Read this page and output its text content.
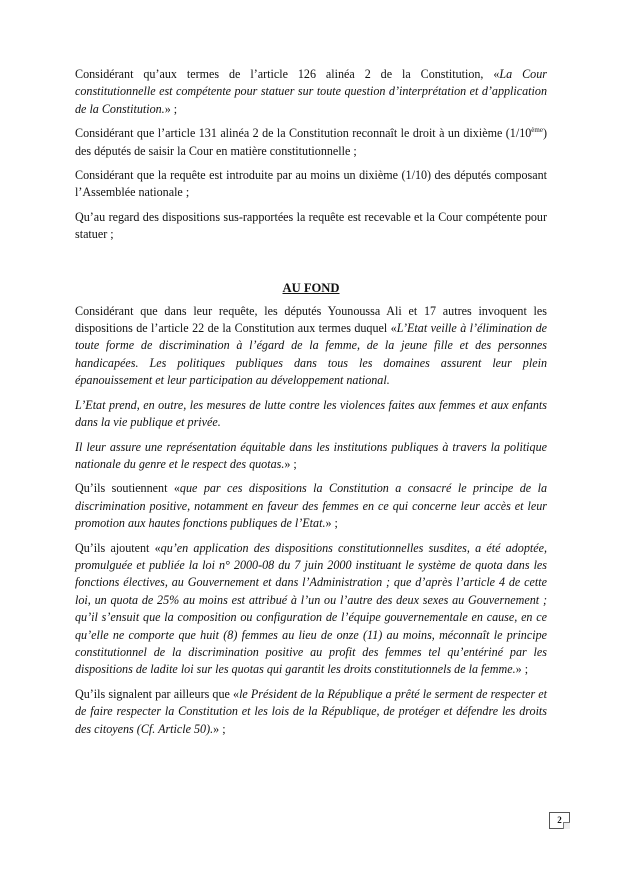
Considérant qu’aux termes de l’article 126 alinéa 2 de la Constitution, «La Cour constitutionnelle est compétente pour statuer sur toute question d’interprétation et d’application de la Constitution.» ;

Considérant que l’article 131 alinéa 2 de la Constitution reconnaît le droit à un dixième (1/10ème) des députés de saisir la Cour en matière constitutionnelle ;

Considérant que la requête est introduite par au moins un dixième (1/10) des députés composant l’Assemblée nationale ;

Qu’au regard des dispositions sus-rapportées la requête est recevable et la Cour compétente pour statuer ;

AU FOND

Considérant que dans leur requête, les députés Younoussa Ali et 17 autres invoquent les dispositions de l’article 22 de la Constitution aux termes duquel «L’Etat veille à l’élimination de toute forme de discrimination à l’égard de la femme, de la jeune fille et des personnes handicapées. Les politiques publiques dans tous les domaines assurent leur plein épanouissement et leur participation au développement national.

L’Etat prend, en outre, les mesures de lutte contre les violences faites aux femmes et aux enfants dans la vie publique et privée.

Il leur assure une représentation équitable dans les institutions publiques à travers la politique nationale du genre et le respect des quotas.» ;

Qu’ils soutiennent «que par ces dispositions la Constitution a consacré le principe de la discrimination positive, notamment en faveur des femmes en ce qui concerne leur accès et leur promotion aux hautes fonctions publiques de l’Etat.» ;

Qu’ils ajoutent «qu’en application des dispositions constitutionnelles susdites, a été adoptée, promulguée et publiée la loi n° 2000-08 du 7 juin 2000 instituant le système de quota dans les fonctions électives, au Gouvernement et dans l’Administration ; que d’après l’article 4 de cette loi, un quota de 25% au moins est attribué à l’un ou l’autre des deux sexes au Gouvernement ; qu’il s’ensuit que la composition ou configuration de l’équipe gouvernementale en cause, en ce qu’elle ne comporte que huit (8) femmes au lieu de onze (11) au moins, méconnaît le principe constitutionnel de la discrimination positive au profit des femmes tel qu’entériné par les dispositions de ladite loi sur les quotas qui garantit les droits constitutionnels de la femme.» ;

Qu’ils signalent par ailleurs que «le Président de la République a prêté le serment de respecter et de faire respecter la Constitution et les lois de la République, de protéger et défendre les droits des citoyens (Cf. Article 50).» ;

2
